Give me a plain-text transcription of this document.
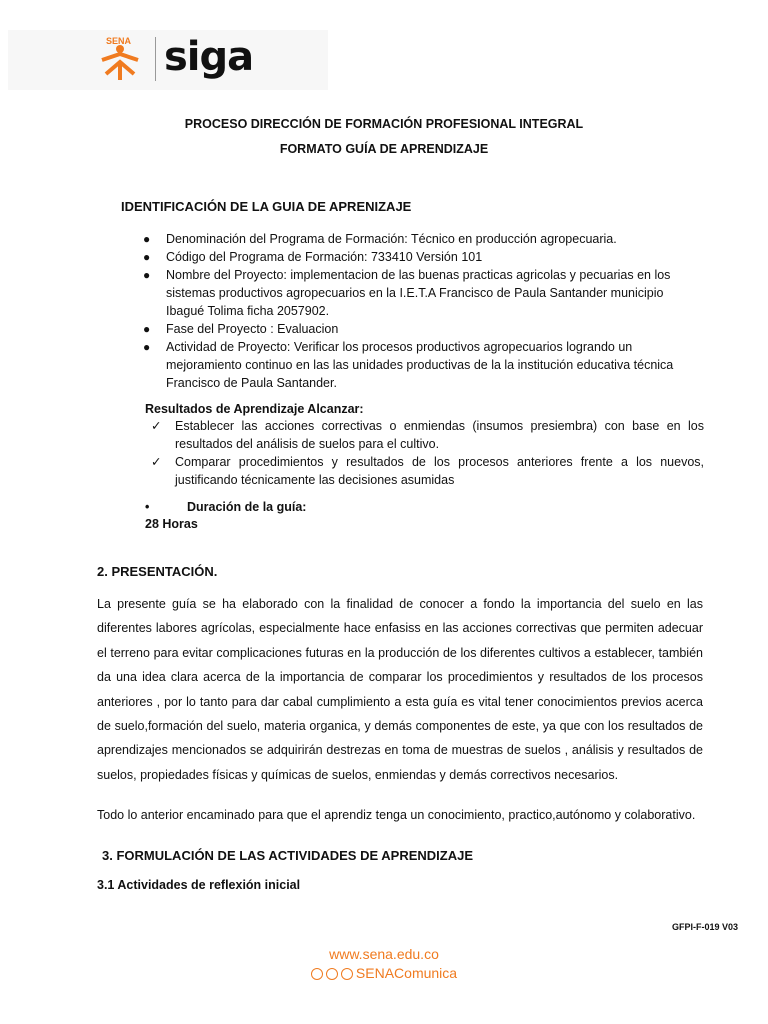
SENA siga
PROCESO DIRECCIÓN DE FORMACIÓN PROFESIONAL INTEGRAL
FORMATO GUÍA DE APRENDIZAJE
IDENTIFICACIÓN DE LA GUIA DE APRENIZAJE
● Denominación del Programa de Formación: Técnico en producción agropecuaria.
● Código del Programa de Formación: 733410 Versión 101
● Nombre del Proyecto: implementacion de las buenas practicas agricolas y pecuarias en los sistemas productivos agropecuarios en la I.E.T.A Francisco de Paula Santander municipio Ibagué Tolima ficha 2057902.
● Fase del Proyecto : Evaluacion
● Actividad de Proyecto: Verificar los procesos productivos agropecuarios logrando un mejoramiento continuo en las las unidades productivas de la la institución educativa técnica Francisco de Paula Santander.
Resultados de Aprendizaje Alcanzar:
✓ Establecer las acciones correctivas o enmiendas (insumos presiembra) con base en los resultados del análisis de suelos para el cultivo.
✓ Comparar procedimientos y resultados de los procesos anteriores frente a los nuevos, justificando técnicamente las decisiones asumidas
•	Duración de la guía:
28 Horas
2. PRESENTACIÓN.

La presente guía se ha elaborado con la finalidad de conocer a fondo la importancia del suelo en las diferentes labores agrícolas, especialmente hace enfasiss en las acciones correctivas que permiten adecuar el terreno para evitar complicaciones futuras en la producción de los diferentes cultivos a establecer, también da una idea clara acerca de la importancia de comparar los procedimientos y resultados de los procesos anteriores , por lo tanto para dar cabal cumplimiento a esta guía es vital tener conocimientos previos acerca de suelo,formación del suelo, materia organica, y demás componentes de este, ya que con los resultados de aprendizajes mencionados se adquirirán destrezas en toma de muestras de suelos , análisis y resultados de suelos, propiedades físicas y químicas de suelos, enmiendas y demás correctivos necesarios.

Todo lo anterior encaminado para que el aprendiz tenga un conocimiento, practico,autónomo y colaborativo.
3. FORMULACIÓN DE LAS ACTIVIDADES DE APRENDIZAJE
3.1 Actividades de reflexión inicial
GFPI-F-019 V03
www.sena.edu.co
SENAComunica
